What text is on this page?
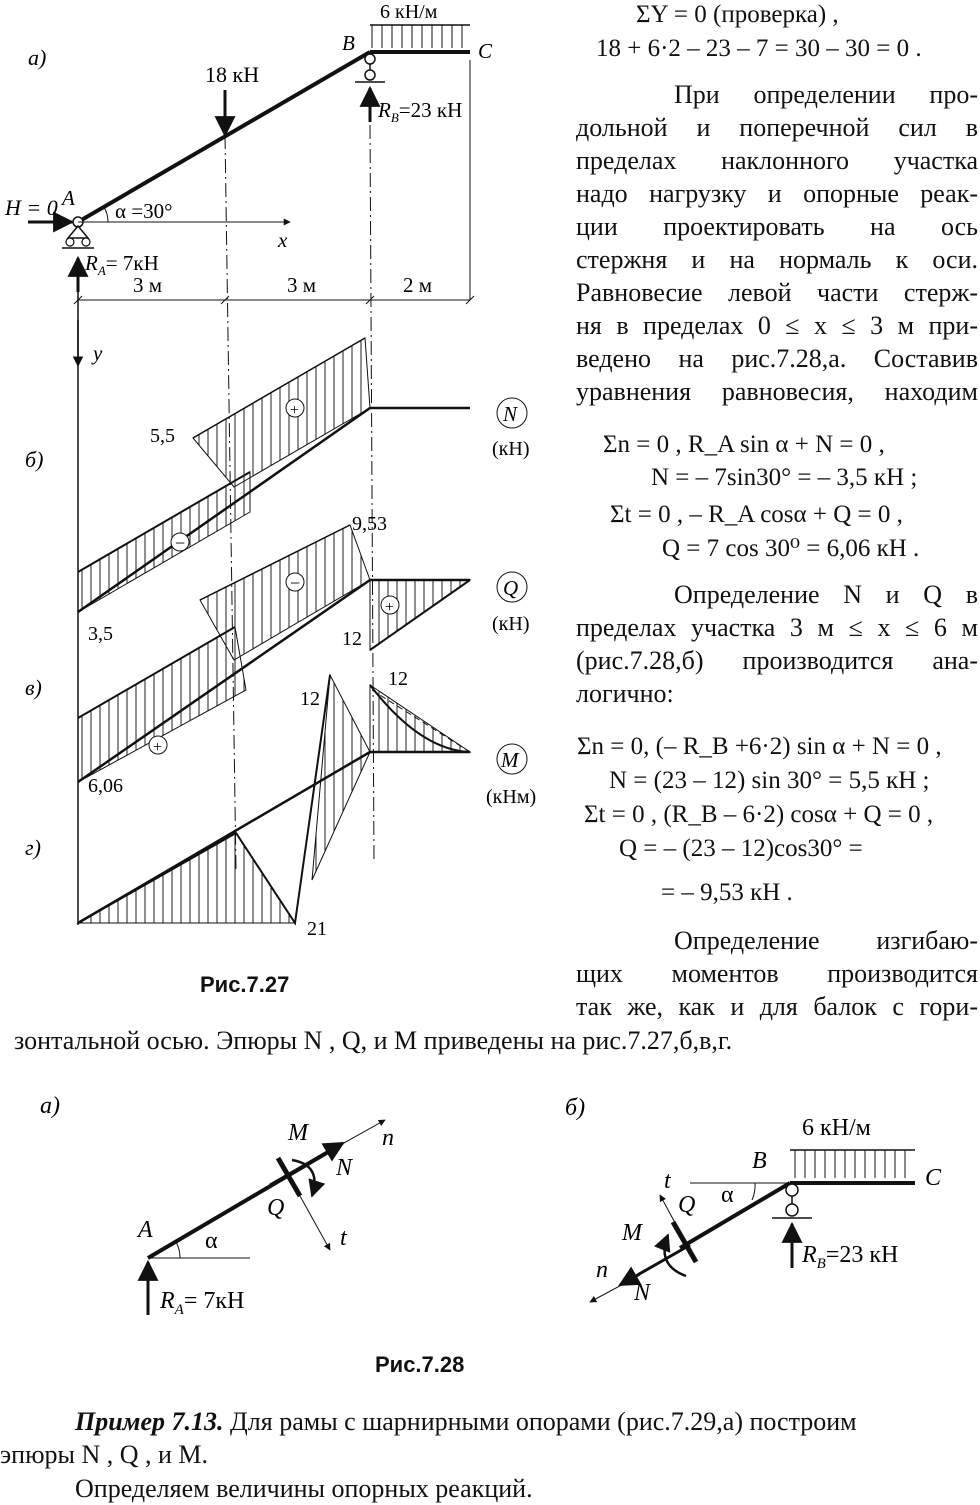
а)
6 кН/м
B	C
18 кН
$R_B=23$ кН
H = 0 A
α =30°
x
$R_A= 7кН$
3 м	3 м	2 м
y
5,5
б)
3,5
+
−
9,53
12
−
+
+
в)
6,06
12
12
г)
21
N
(кН)
Q
(кН)
M
(кНм)
Рис.7.27
ΣY = 0 (проверка) ,
18 + 6·2 – 23 – 7 = 30 – 30 = 0 .
При определении про-
дольной и поперечной сил в
пределах наклонного участка
надо нагрузку и опорные реак-
ции проектировать на ось
стержня и на нормаль к оси.
Равновесие левой части стерж-
ня в пределах 0 ≤ x ≤ 3 м при-
ведено на рис.7.28,а. Составив
уравнения равновесия, находим
Σn = 0 , R_A sin α + N = 0 ,
N = – 7sin30° = – 3,5 кН ;
Σt = 0 , – R_A cosα + Q = 0 ,
Q = 7 cos 30⁰ = 6,06 кН .
Определение N и Q в
пределах участка 3 м ≤ x ≤ 6 м
(рис.7.28,б) производится ана-
логично:
Σn = 0, (– R_B +6·2) sin α + N = 0 ,
N = (23 – 12) sin 30° = 5,5 кН ;
Σt = 0 , (R_B – 6·2) cosα + Q = 0 ,
Q = – (23 – 12)cos30° =
= – 9,53 кН .
Определение изгибаю-
щих моментов производится
так же, как и для балок с гори-
зонтальной осью. Эпюры N , Q, и M приведены на рис.7.27,б,в,г.
а)
M	n
N
Q
t
A α
$R_A= 7кН$
б)
6 кН/м
B
C
t
Q α
M
n
N
$R_B=23$ кН
Рис.7.28
Пример 7.13. Для рамы с шарнирными опорами (рис.7.29,а) построим
эпюры N , Q , и M.
Определяем величины опорных реакций.
